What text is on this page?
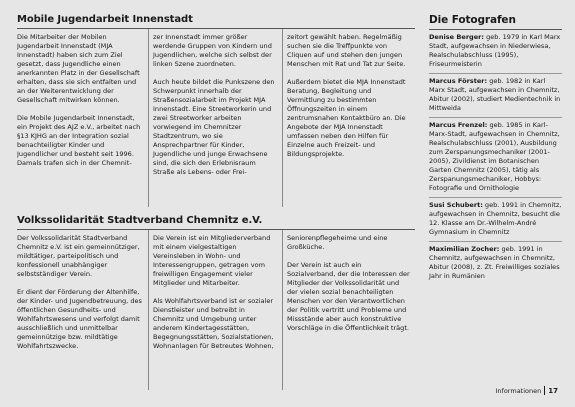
Mobile Jugendarbeit Innenstadt

Die Mitarbeiter der Mobilen Jugendarbeit Innenstadt (MJA Innenstadt) haben sich zum Ziel gesetzt, dass Jugendliche einen anerkannten Platz in der Gesellschaft erhalten, dass sie sich entfalten und an der Weiterentwicklung der Gesellschaft mitwirken können.

Die Mobile Jugendarbeit Innenstadt, ein Projekt des AJZ e.V., arbeitet nach §13 KJHG an der Integration sozial benachteiligter Kinder und Jugendlicher und besteht seit 1996. Damals trafen sich in der Chemnit-

zer Innenstadt immer größer werdende Gruppen von Kindern und Jugendlichen, welche sich selbst der linken Szene zuordneten.

Auch heute bildet die Punkszene den Schwerpunkt innerhalb der Straßensozialarbeit im Projekt MJA Innenstadt. Eine Streetworkerin und zwei Streetworker arbeiten vorwiegend im Chemnitzer Stadtzentrum, wo sie Ansprechpartner für Kinder, Jugendliche und junge Erwachsene sind, die sich den Erlebnisraum Straße als Lebens- oder Frei-

zeitort gewählt haben. Regelmäßig suchen sie die Treffpunkte von Cliquen auf und stehen den jungen Menschen mit Rat und Tat zur Seite.

Außerdem bietet die MJA Innenstadt Beratung, Begleitung und Vermittlung zu bestimmten Öffnungszeiten in einem zentrumsnahen Kontaktbüro an. Die Angebote der MJA Innenstadt umfassen neben den Hilfen für Einzelne auch Freizeit- und Bildungsprojekte.

Volkssolidarität Stadtverband Chemnitz e.V.

Der Volkssolidarität Stadtverband Chemnitz e.V. ist ein gemeinnütziger, mildtätiger, parteipolitisch und konfessionell unabhängiger selbstständiger Verein.

Er dient der Förderung der Altenhilfe, der Kinder- und Jugendbetreuung, des öffentlichen Gesundheits- und Wohlfahrtswesens und verfolgt damit ausschließlich und unmittelbar gemeinnützige bzw. mildtätige Wohlfahrtszwecke.

Die Verein ist ein Mitgliederverband mit einem vielgestaltigen Vereinsleben in Wohn- und Interessengruppen, getragen vom freiwilligen Engagement vieler Mitglieder und Mitarbeiter.

Als Wohlfahrtsverband ist er sozialer Dienstleister und betreibt in Chemnitz und Umgebung unter anderem Kindertagesstätten, Begegnungsstätten, Sozialstationen, Wohnanlagen für Betreutes Wohnen,

Seniorenpflegeheime und eine Großküche.

Der Verein ist auch ein Sozialverband, der die Interessen der Mitglieder der Volkssolidarität und der vielen sozial benachteiligten Menschen vor den Verantwortlichen der Politik vertritt und Probleme und Missstände aber auch konstruktive Vorschläge in die Öffentlichkeit trägt.

Die Fotografen
Denise Berger: geb. 1979 in Karl Marx Stadt, aufgewachsen in Niederwiesa, Realschulabschluss (1995), Friseurmeisterin
Marcus Förster: geb. 1982 in Karl Marx Stadt, aufgewachsen in Chemnitz, Abitur (2002), studiert Medientechnik in Mittweida
Marcus Frenzel: geb. 1985 in Karl-Marx-Stadt, aufgewachsen in Chemnitz, Realschulabschluss (2001), Ausbildung zum Zerspanungsmechaniker (2001-2005), Zivildienst im Botanischen Garten Chemnitz (2005), tätig als Zerspanungsmechaniker, Hobbys: Fotografie und Ornithologie
Susi Schubert: geb. 1991 in Chemnitz, aufgewachsen in Chemnitz, besucht die 12. Klasse am Dr.-Wilhelm-André Gymnasium in Chemnitz
Maximilian Zocher: geb. 1991 in Chemnitz, aufgewachsen in Chemnitz, Abitur (2008), z. Zt. Freiwilliges soziales Jahr in Rumänien
Informationen 17
